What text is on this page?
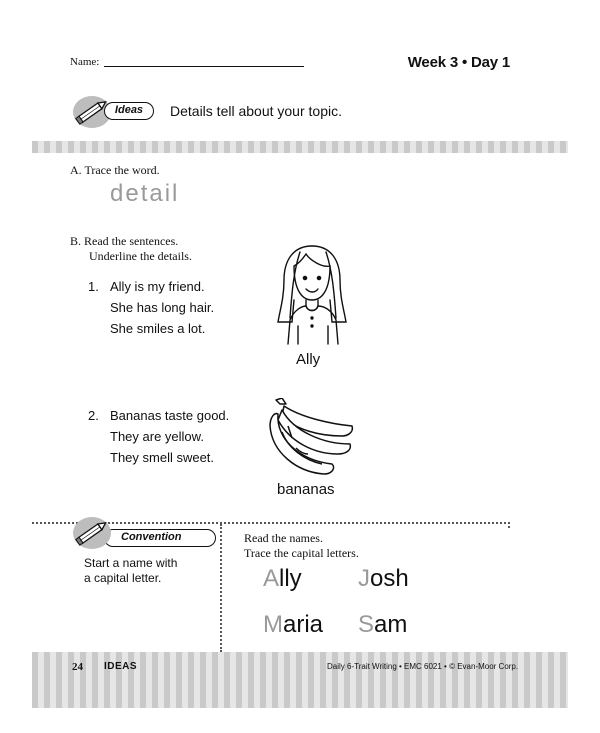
Name:	Week 3 • Day 1
Ideas	Details tell about your topic.
A. Trace the word.
detail
B. Read the sentences.
Underline the details.
1. Ally is my friend.
She has long hair.
She smiles a lot.
Ally
2. Bananas taste good.
They are yellow.
They smell sweet.
bananas
Convention
Start a name with
a capital letter.
Read the names.
Trace the capital letters.
Ally Josh
Maria Sam
24 IDEAS	Daily 6-Trait Writing • EMC 6021 • © Evan-Moor Corp.
